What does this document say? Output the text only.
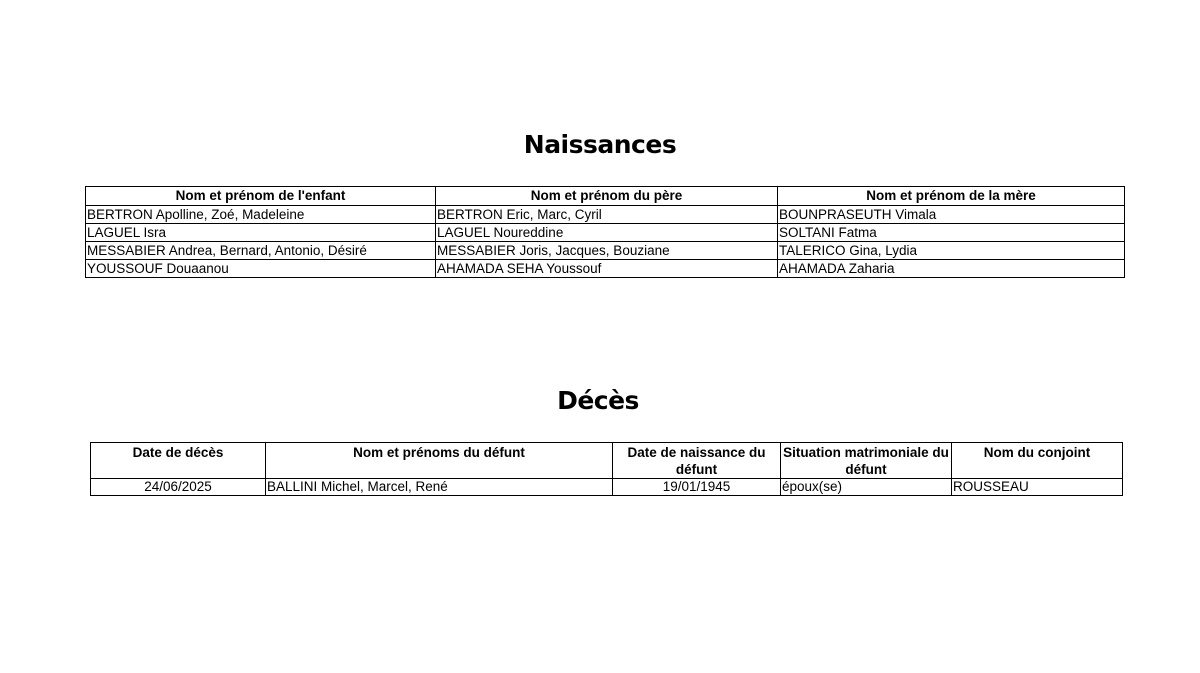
Naissances
Nom et prénom de l'enfant	Nom et prénom du père	Nom et prénom de la mère
BERTRON Apolline, Zoé, Madeleine	BERTRON Eric, Marc, Cyril	BOUNPRASEUTH Vimala
LAGUEL Isra	LAGUEL Noureddine	SOLTANI Fatma
MESSABIER Andrea, Bernard, Antonio, Désiré	MESSABIER Joris, Jacques, Bouziane	TALERICO Gina, Lydia
YOUSSOUF Douaanou	AHAMADA SEHA Youssouf	AHAMADA Zaharia
Décès
Date de décès	Nom et prénoms du défunt	Date de naissance du défunt	Situation matrimoniale du défunt	Nom du conjoint
24/06/2025	BALLINI Michel, Marcel, René	19/01/1945	époux(se)	ROUSSEAU
